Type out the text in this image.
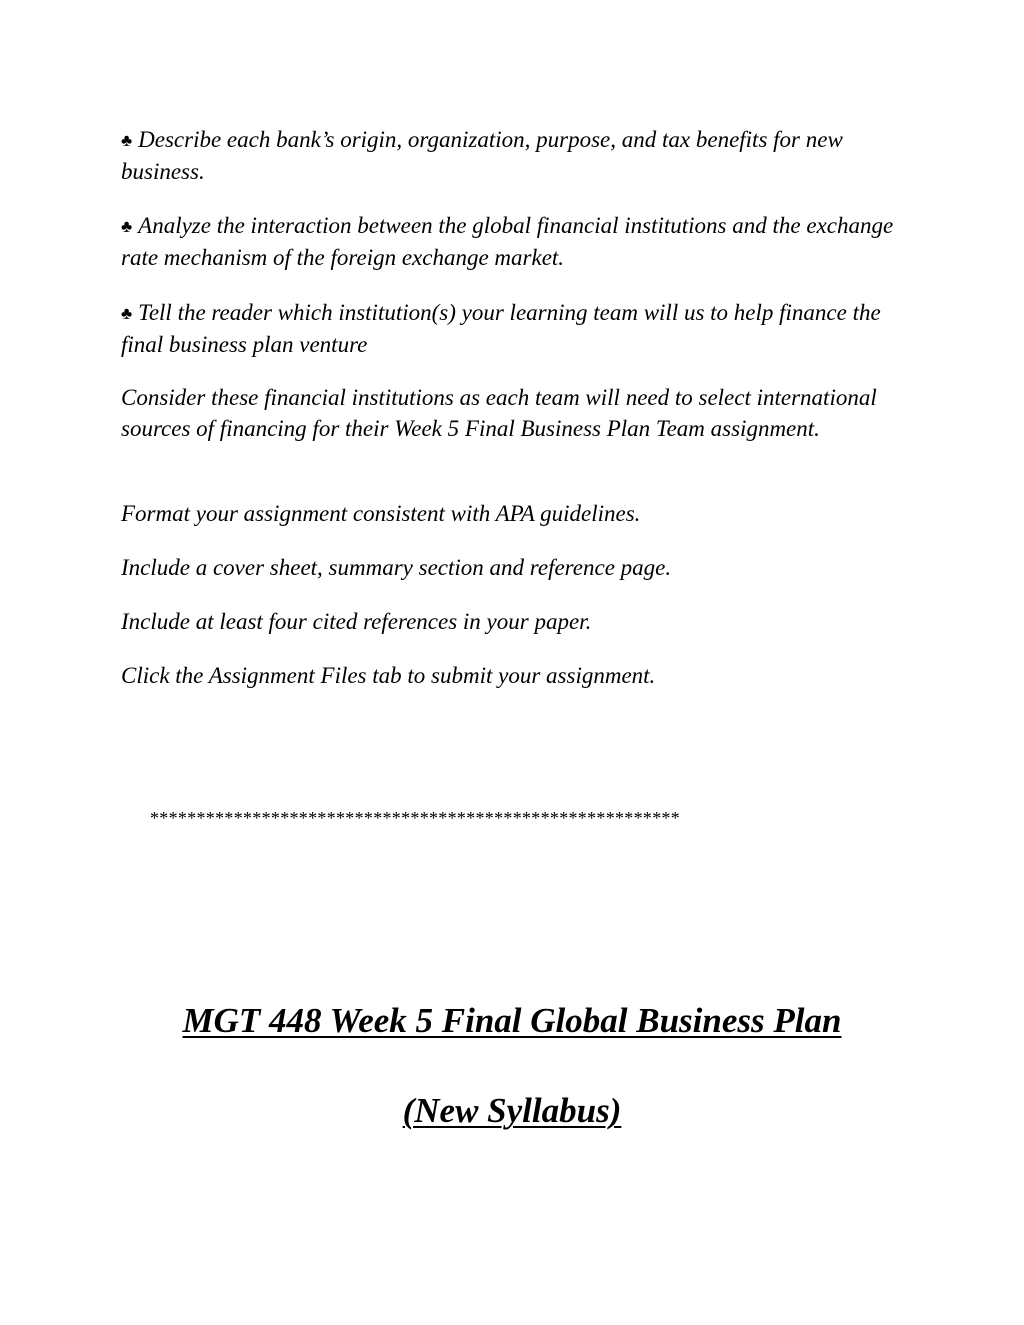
♣ Describe each bank’s origin, organization, purpose, and tax benefits for new business.

♣ Analyze the interaction between the global financial institutions and the exchange rate mechanism of the foreign exchange market.

♣ Tell the reader which institution(s) your learning team will us to help finance the final business plan venture

Consider these financial institutions as each team will need to select international sources of financing for their Week 5 Final Business Plan Team assignment.

Format your assignment consistent with APA guidelines.

Include a cover sheet, summary section and reference page.

Include at least four cited references in your paper.

Click the Assignment Files tab to submit your assignment.

*********************************************************

MGT 448 Week 5 Final Global Business Plan

(New Syllabus)
